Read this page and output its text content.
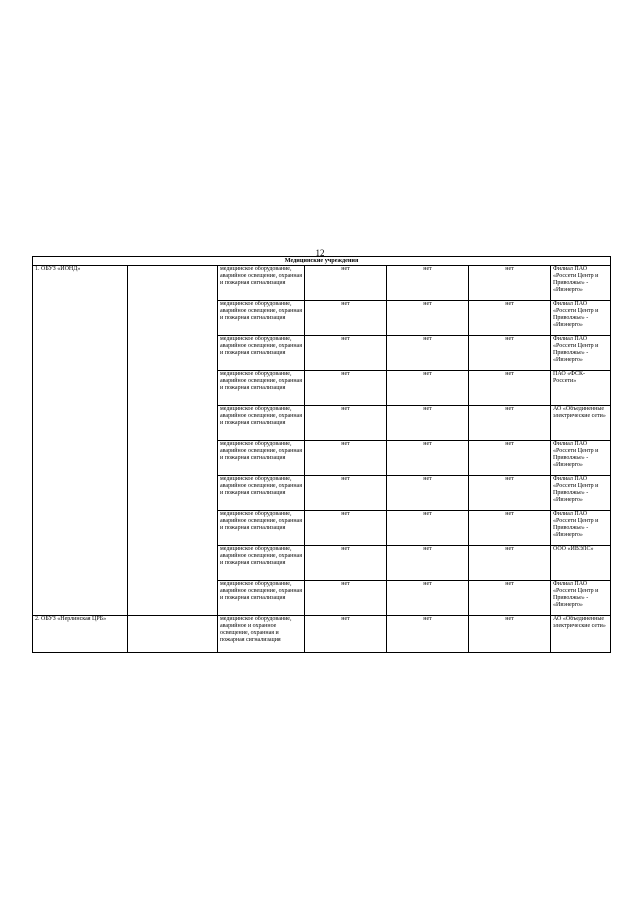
12
Медицинские учреждения						
1. ОБУЗ «ИОНД»		медицинское оборудование, аварийное освещение, охранная и пожарная сигнализация	нет	нет	нет	Филиал ПАО «Россети Центр и Приволжье» - «Ивэнерго»
		медицинское оборудование, аварийное освещение, охранная и пожарная сигнализация	нет	нет	нет	Филиал ПАО «Россети Центр и Приволжье» - «Ивэнерго»
		медицинское оборудование, аварийное освещение, охранная и пожарная сигнализация	нет	нет	нет	Филиал ПАО «Россети Центр и Приволжье» - «Ивэнерго»
		медицинское оборудование, аварийное освещение, охранная и пожарная сигнализация	нет	нет	нет	ПАО «ФСК-Россети»
		медицинское оборудование, аварийное освещение, охранная и пожарная сигнализация	нет	нет	нет	АО «Объединенные электрические сети»
		медицинское оборудование, аварийное освещение, охранная и пожарная сигнализация	нет	нет	нет	Филиал ПАО «Россети Центр и Приволжье» - «Ивэнерго»
		медицинское оборудование, аварийное освещение, охранная и пожарная сигнализация	нет	нет	нет	Филиал ПАО «Россети Центр и Приволжье» - «Ивэнерго»
		медицинское оборудование, аварийное освещение, охранная и пожарная сигнализация	нет	нет	нет	Филиал ПАО «Россети Центр и Приволжье» - «Ивэнерго»
		медицинское оборудование, аварийное освещение, охранная и пожарная сигнализация	нет	нет	нет	ООО «ИВЭЛС»
		медицинское оборудование, аварийное освещение, охранная и пожарная сигнализация	нет	нет	нет	Филиал ПАО «Россети Центр и Приволжье» - «Ивэнерго»
2. ОБУЗ «Нерлинская ЦРБ»		медицинское оборудование, аварийное и охранное освещение, охранная и пожарная сигнализация	нет	нет	нет	АО «Объединенные электрические сети»
